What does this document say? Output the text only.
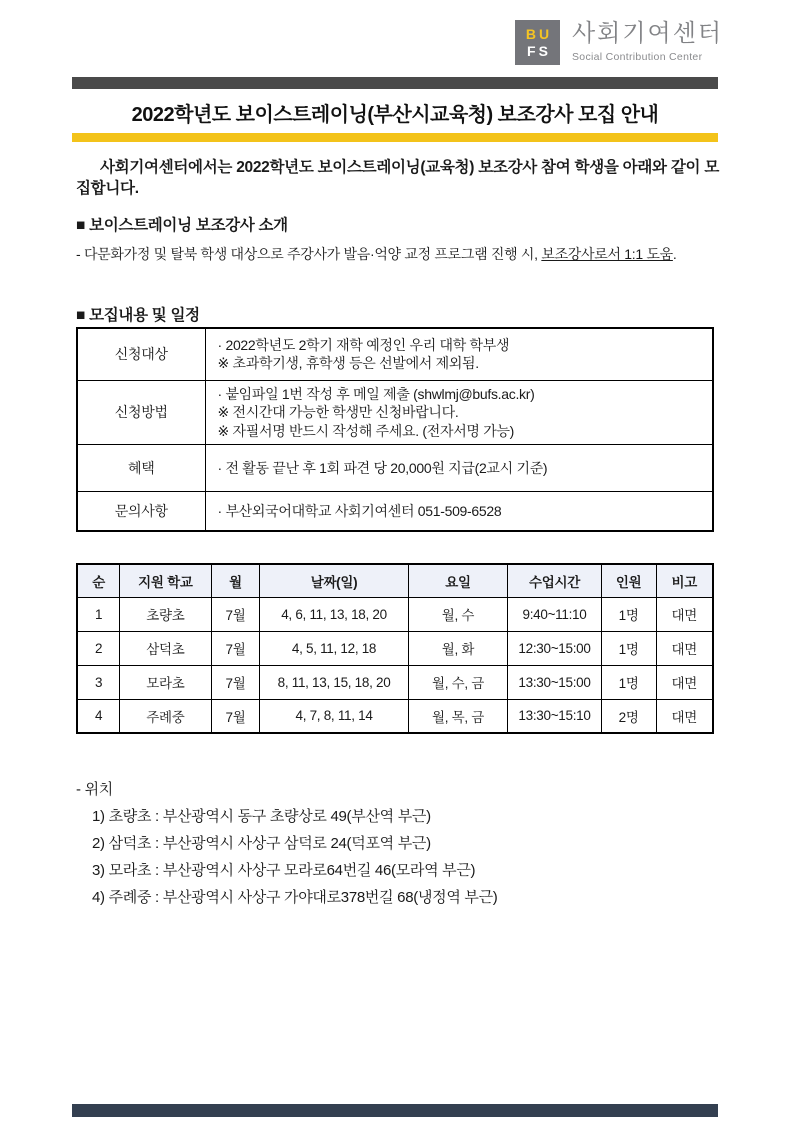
BU
FS
사회기여센터
Social Contribution Center
2022학년도 보이스트레이닝(부산시교육청) 보조강사 모집 안내

사회기여센터에서는 2022학년도 보이스트레이닝(교육청) 보조강사 참여 학생을 아래와 같이 모집합니다.

■ 보이스트레이닝 보조강사 소개
- 다문화가정 및 탈북 학생 대상으로 주강사가 발음·억양 교정 프로그램 진행 시, 보조강사로서 1:1 도움.
■ 모집내용 및 일정
신청대상	· 2022학년도 2학기 재학 예정인 우리 대학 학부생
※ 초과학기생, 휴학생 등은 선발에서 제외됨.

신청방법	· 붙임파일 1번 작성 후 메일 제출 (shwlmj@bufs.ac.kr)
※ 전시간대 가능한 학생만 신청바랍니다.
※ 자필서명 반드시 작성해 주세요. (전자서명 가능)

혜택	· 전 활동 끝난 후 1회 파견 당 20,000원 지급(2교시 기준)

문의사항	· 부산외국어대학교 사회기여센터 051-509-6528
순	지원 학교	월	날짜(일)	요일	수업시간	인원	비고
1	초량초	7월	4, 6, 11, 13, 18, 20	월, 수	9:40~11:10	1명	대면
2	삼덕초	7월	4, 5, 11, 12, 18	월, 화	12:30~15:00	1명	대면
3	모라초	7월	8, 11, 13, 15, 18, 20	월, 수, 금	13:30~15:00	1명	대면
4	주례중	7월	4, 7, 8, 11, 14	월, 목, 금	13:30~15:10	2명	대면
- 위치
1) 초량초 : 부산광역시 동구 초량상로 49(부산역 부근)
2) 삼덕초 : 부산광역시 사상구 삼덕로 24(덕포역 부근)
3) 모라초 : 부산광역시 사상구 모라로64번길 46(모라역 부근)
4) 주례중 : 부산광역시 사상구 가야대로378번길 68(냉정역 부근)
